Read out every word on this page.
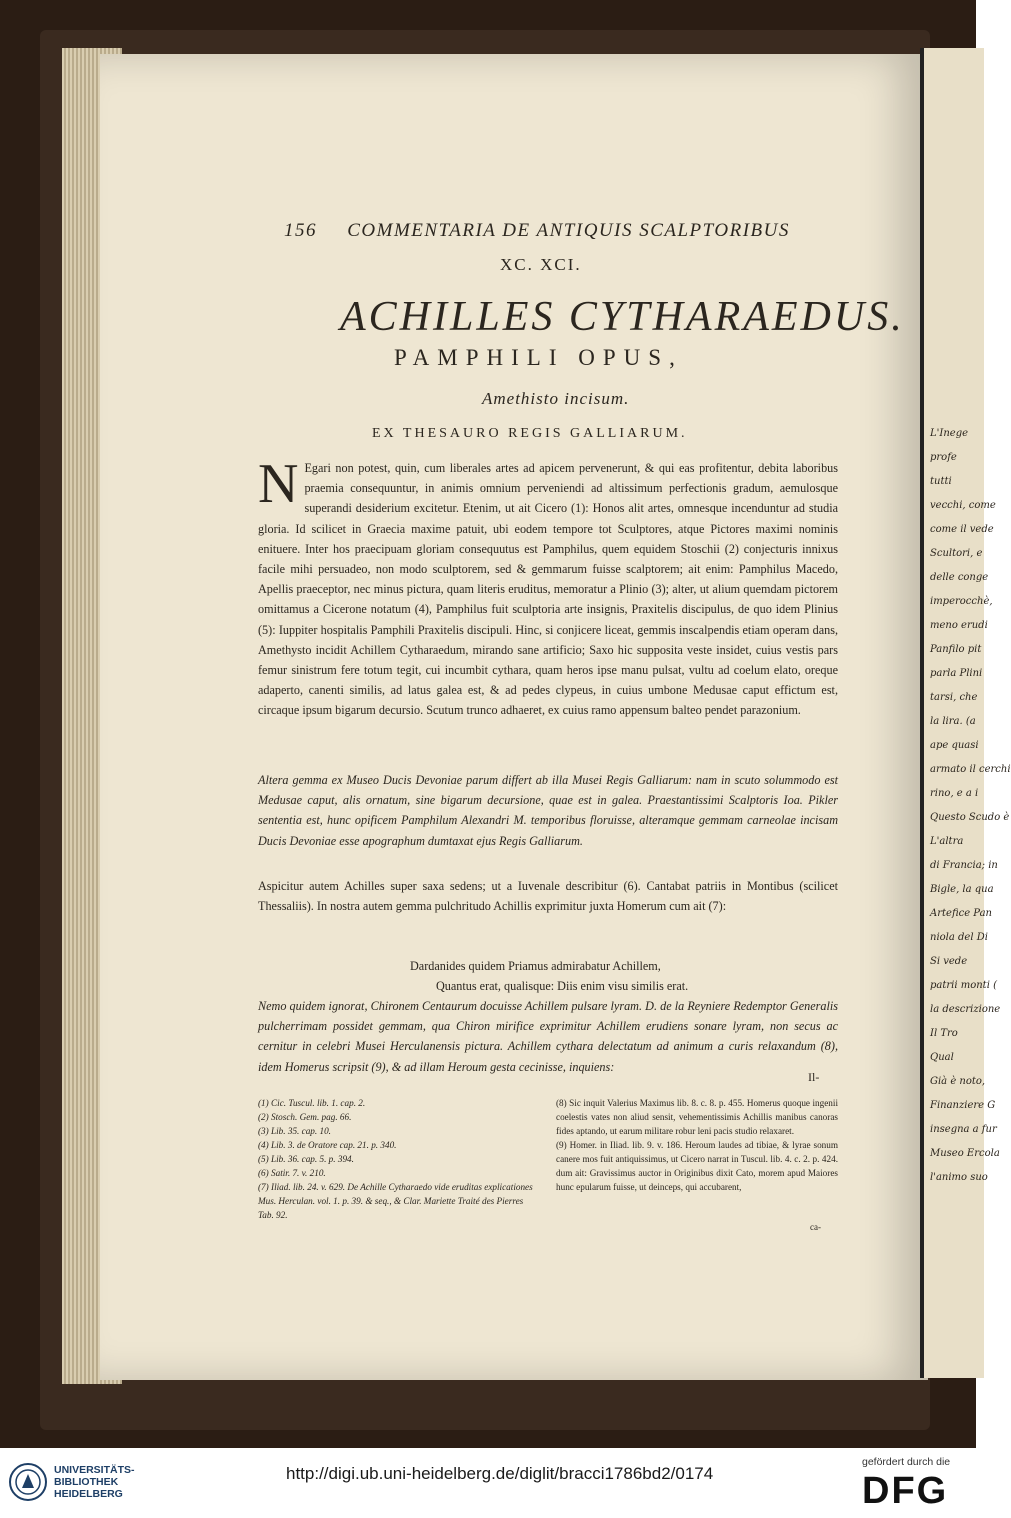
L'Inege
profe
tutti
vecchi, come
come il vede
Scultori, e
delle conge
imperocchè,
meno erudi
Panfilo pit
parla Plini
tarsi, che
la lira. (a
ape quasi
armato il cerchi
rino, e a i
Questo Scudo è
L'altra
di Francia; in
Bigle, la qua
Artefice Pan
niola del Di
Si vede
patrii monti (
la descrizione
Il Tro
Qual
Già è noto,
Finanziere G
insegna a fur
Museo Ercola
l'animo suo
156 COMMENTARIA DE ANTIQUIS SCALPTORIBUS
XC. XCI.
ACHILLES CYTHARAEDUS.
PAMPHILI OPUS,
Amethisto incisum.
EX THESAURO REGIS GALLIARUM.
N Egari non potest, quin, cum liberales artes ad apicem pervenerunt, & qui eas profitentur, debita laboribus praemia consequuntur, in animis omnium perveniendi ad altissimum perfectionis gradum, aemulosque superandi desiderium excitetur. Etenim, ut ait Cicero (1): Honos alit artes, omnesque incenduntur ad studia gloria. Id scilicet in Graecia maxime patuit, ubi eodem tempore tot Sculptores, atque Pictores maximi nominis enituere. Inter hos praecipuam gloriam consequutus est Pamphilus, quem equidem Stoschii (2) conjecturis innixus facile mihi persuadeo, non modo sculptorem, sed & gemmarum fuisse scalptorem; ait enim: Pamphilus Macedo, Apellis praeceptor, nec minus pictura, quam literis eruditus, memoratur a Plinio (3); alter, ut alium quemdam pictorem omittamus a Cicerone notatum (4), Pamphilus fuit sculptoria arte insignis, Praxitelis discipulus, de quo idem Plinius (5): Iuppiter hospitalis Pamphili Praxitelis discipuli. Hinc, si conjicere liceat, gemmis inscalpendis etiam operam dans, Amethysto incidit Achillem Cytharaedum, mirando sane artificio; Saxo hic supposita veste insidet, cuius vestis pars femur sinistrum fere totum tegit, cui incumbit cythara, quam heros ipse manu pulsat, vultu ad coelum elato, oreque adaperto, canenti similis, ad latus galea est, & ad pedes clypeus, in cuius umbone Medusae caput effictum est, circaque ipsum bigarum decursio. Scutum trunco adhaeret, ex cuius ramo appensum balteo pendet parazonium.
Altera gemma ex Museo Ducis Devoniae parum differt ab illa Musei Regis Galliarum: nam in scuto solummodo est Medusae caput, alis ornatum, sine bigarum decursione, quae est in galea. Praestantissimi Scalptoris Ioa. Pikler sententia est, hunc opificem Pamphilum Alexandri M. temporibus floruisse, alteramque gemmam carneolae incisam Ducis Devoniae esse apographum dumtaxat ejus Regis Galliarum.
Aspicitur autem Achilles super saxa sedens; ut a Iuvenale describitur (6). Cantabat patriis in Montibus (scilicet Thessaliis). In nostra autem gemma pulchritudo Achillis exprimitur juxta Homerum cum ait (7):
Dardanides quidem Priamus admirabatur Achillem,
Quantus erat, qualisque: Diis enim visu similis erat.
Nemo quidem ignorat, Chironem Centaurum docuisse Achillem pulsare lyram. D. de la Reyniere Redemptor Generalis pulcherrimam possidet gemmam, qua Chiron mirifice exprimitur Achillem erudiens sonare lyram, non secus ac cernitur in celebri Musei Herculanensis pictura. Achillem cythara delectatum ad animum a curis relaxandum (8), idem Homerus scripsit (9), & ad illam Heroum gesta cecinisse, inquiens:
Il-
(1) Cic. Tuscul. lib. 1. cap. 2.
(2) Stosch. Gem. pag. 66.
(3) Lib. 35. cap. 10.
(4) Lib. 3. de Oratore cap. 21. p. 340.
(5) Lib. 36. cap. 5. p. 394.
(6) Satir. 7. v. 210.
(7) Iliad. lib. 24. v. 629. De Achille Cytharaedo vide eruditas explicationes Mus. Herculan. vol. 1. p. 39. & seq., & Clar. Mariette Traité des Pierres Tab. 92.
(8) Sic inquit Valerius Maximus lib. 8. c. 8. p. 455. Homerus quoque ingenii coelestis vates non aliud sensit, vehementissimis Achillis manibus canoras fides aptando, ut earum militare robur leni pacis studio relaxaret.
(9) Homer. in Iliad. lib. 9. v. 186. Heroum laudes ad tibiae, & lyrae sonum canere mos fuit antiquissimus, ut Cicero narrat in Tuscul. lib. 4. c. 2. p. 424. dum ait: Gravissimus auctor in Originibus dixit Cato, morem apud Maiores hunc epularum fuisse, ut deinceps, qui accubarent,
ca-
UNIVERSITÄTS-
BIBLIOTHEK
HEIDELBERG
http://digi.ub.uni-heidelberg.de/diglit/bracci1786bd2/0174
gefördert durch die
DFG
